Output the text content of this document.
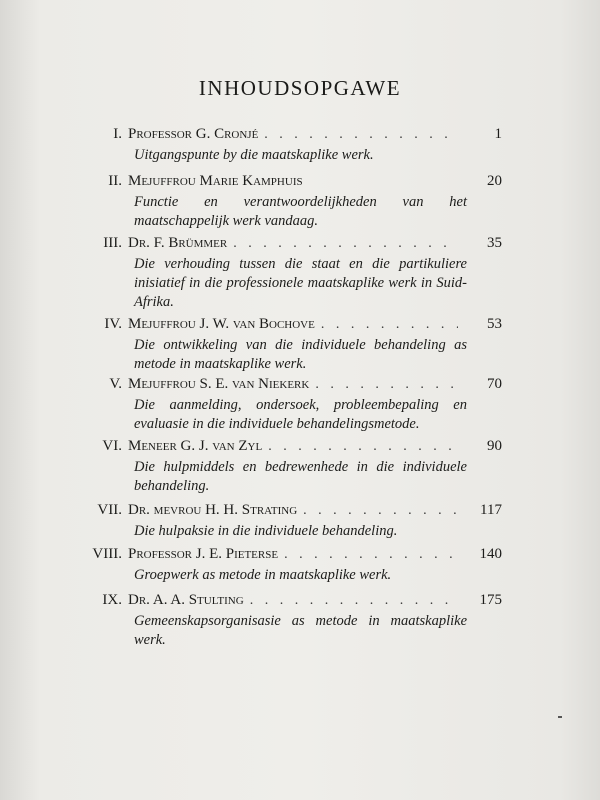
INHOUDSOPGAWE
I. Professor G. Cronjé . . .	1
Uitgangspunte by die maatskaplike werk.
II. Mejuffrou Marie Kamphuis	20
Functie en verantwoordelijkheden van het maatschappelijk werk vandaag.
III. Dr. F. Brümmer . . .	35
Die verhouding tussen die staat en die partikuliere inisiatief in die professionele maatskaplike werk in Suid-Afrika.
IV. Mejuffrou J. W. van Bochove . . .	53
Die ontwikkeling van die individuele behandeling as metode in maatskaplike werk.
V. Mejuffrou S. E. van Niekerk . . .	70
Die aanmelding, ondersoek, probleembepaling en evaluasie in die individuele behandelingsmetode.
VI. Meneer G. J. van Zyl . . .	90
Die hulpmiddels en bedrewenhede in die individuele behandeling.
VII. Dr. mevrou H. H. Strating . . .	117
Die hulpaksie in die individuele behandeling.
VIII. Professor J. E. Pieterse . . .	140
Groepwerk as metode in maatskaplike werk.
IX. Dr. A. A. Stulting . . .	175
Gemeenskapsorganisasie as metode in maatskaplike werk.
